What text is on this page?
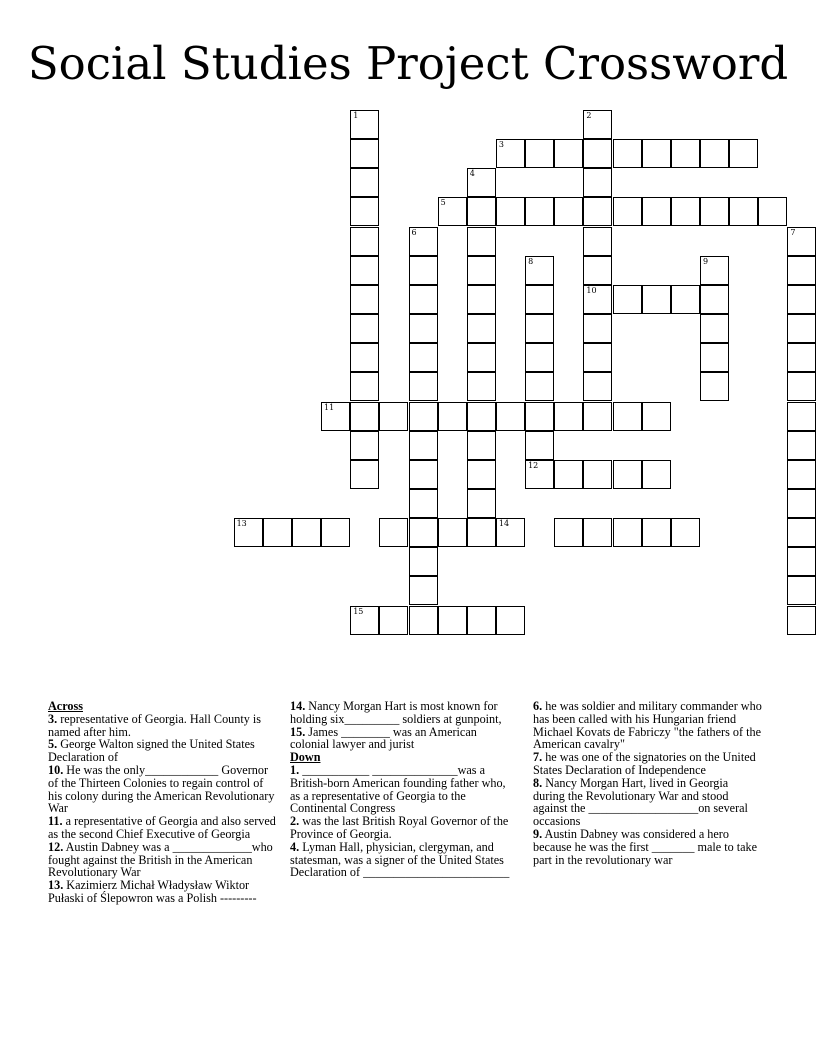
Social Studies Project Crossword
1	2
10
3
4
5
6	7
8	9
11
13	14
15
12

Across

3. representative of Georgia. Hall County is named after him.

5. George Walton signed the United States Declaration of

10. He was the only____________ Governor of the Thirteen Colonies to regain control of his colony during the American Revolutionary War

11. a representative of Georgia and also served as the second Chief Executive of Georgia

12. Austin Dabney was a _____________who fought against the British in the American Revolutionary War

13. Kazimierz Michał Władysław Wiktor Pułaski of Ślepowron was a Polish ---------

14. Nancy Morgan Hart is most known for holding six_________ soldiers at gunpoint,

15. James ________ was an American colonial lawyer and jurist

Down

1. ___________ ______________was a British-born American founding father who, as a representative of Georgia to the Continental Congress

2. was the last British Royal Governor of the Province of Georgia.

4. Lyman Hall, physician, clergyman, and statesman, was a signer of the United States Declaration of ________________________

6. he was soldier and military commander who has been called with his Hungarian friend Michael Kovats de Fabriczy "the fathers of the American cavalry"

7. he was one of the signatories on the United States Declaration of Independence

8. Nancy Morgan Hart, lived in Georgia during the Revolutionary War and stood against the __________________on several occasions

9. Austin Dabney was considered a hero because he was the first _______ male to take part in the revolutionary war
